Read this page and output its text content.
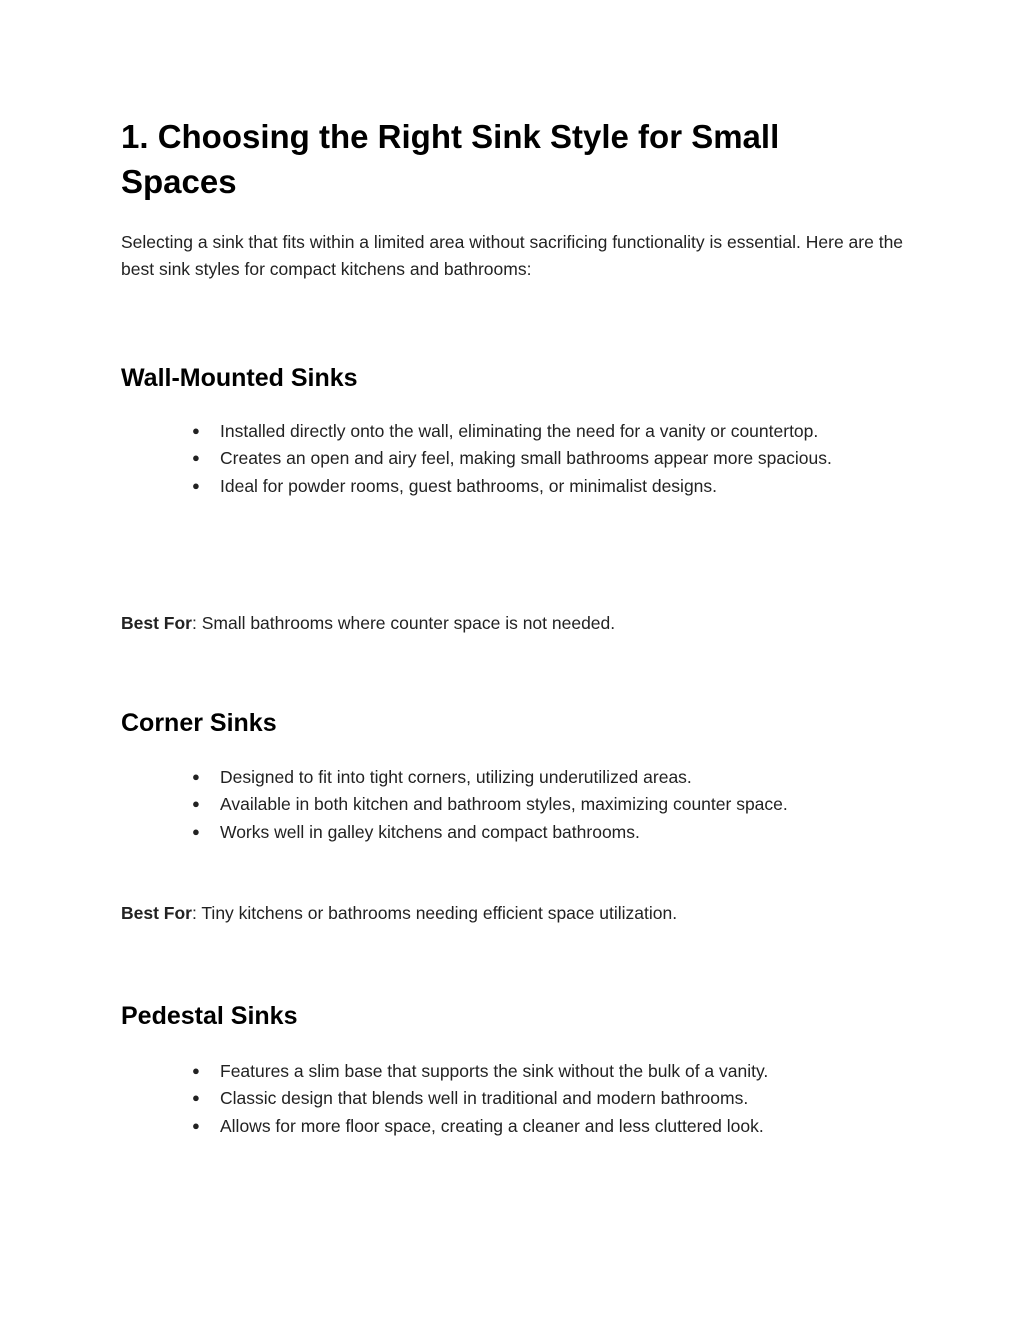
1. Choosing the Right Sink Style for Small Spaces

Selecting a sink that fits within a limited area without sacrificing functionality is essential. Here are the best sink styles for compact kitchens and bathrooms:

Wall-Mounted Sinks
● Installed directly onto the wall, eliminating the need for a vanity or countertop.
● Creates an open and airy feel, making small bathrooms appear more spacious.
● Ideal for powder rooms, guest bathrooms, or minimalist designs.

Best For: Small bathrooms where counter space is not needed.

Corner Sinks
● Designed to fit into tight corners, utilizing underutilized areas.
● Available in both kitchen and bathroom styles, maximizing counter space.
● Works well in galley kitchens and compact bathrooms.

Best For: Tiny kitchens or bathrooms needing efficient space utilization.

Pedestal Sinks
● Features a slim base that supports the sink without the bulk of a vanity.
● Classic design that blends well in traditional and modern bathrooms.
● Allows for more floor space, creating a cleaner and less cluttered look.
